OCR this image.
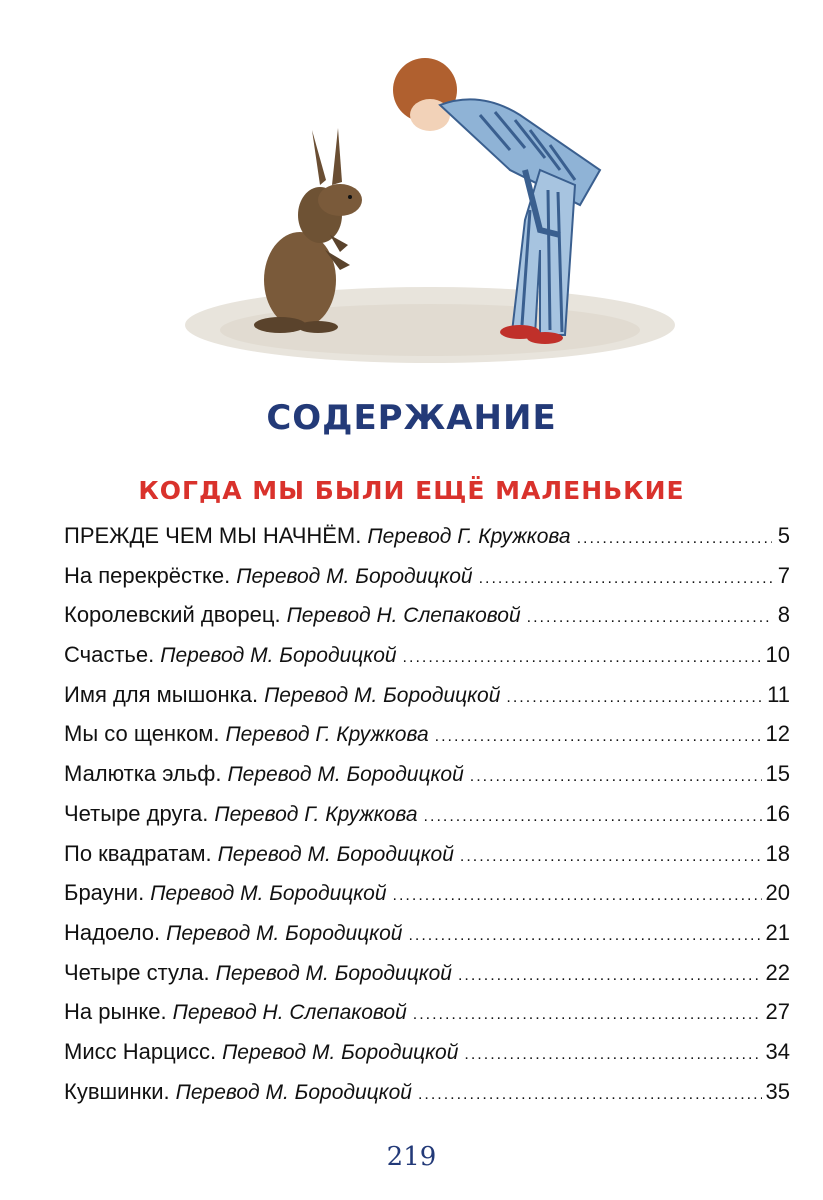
СОДЕРЖАНИЕ
КОГДА МЫ БЫЛИ ЕЩЁ МАЛЕНЬКИЕ
ПРЕЖДЕ ЧЕМ МЫ НАЧНЁМ. Перевод Г. Кружкова .....	5
На перекрёстке. Перевод М. Бородицкой .....	7
Королевский дворец. Перевод Н. Слепаковой .....	8
Счастье. Перевод М. Бородицкой .....	10
Имя для мышонка. Перевод М. Бородицкой .....	11
Мы со щенком. Перевод Г. Кружкова .....	12
Малютка эльф. Перевод М. Бородицкой .....	15
Четыре друга. Перевод Г. Кружкова .....	16
По квадратам. Перевод М. Бородицкой .....	18
Брауни. Перевод М. Бородицкой .....	20
Надоело. Перевод М. Бородицкой .....	21
Четыре стула. Перевод М. Бородицкой .....	22
На рынке. Перевод Н. Слепаковой .....	27
Мисс Нарцисс. Перевод М. Бородицкой .....	34
Кувшинки. Перевод М. Бородицкой .....	35
219
